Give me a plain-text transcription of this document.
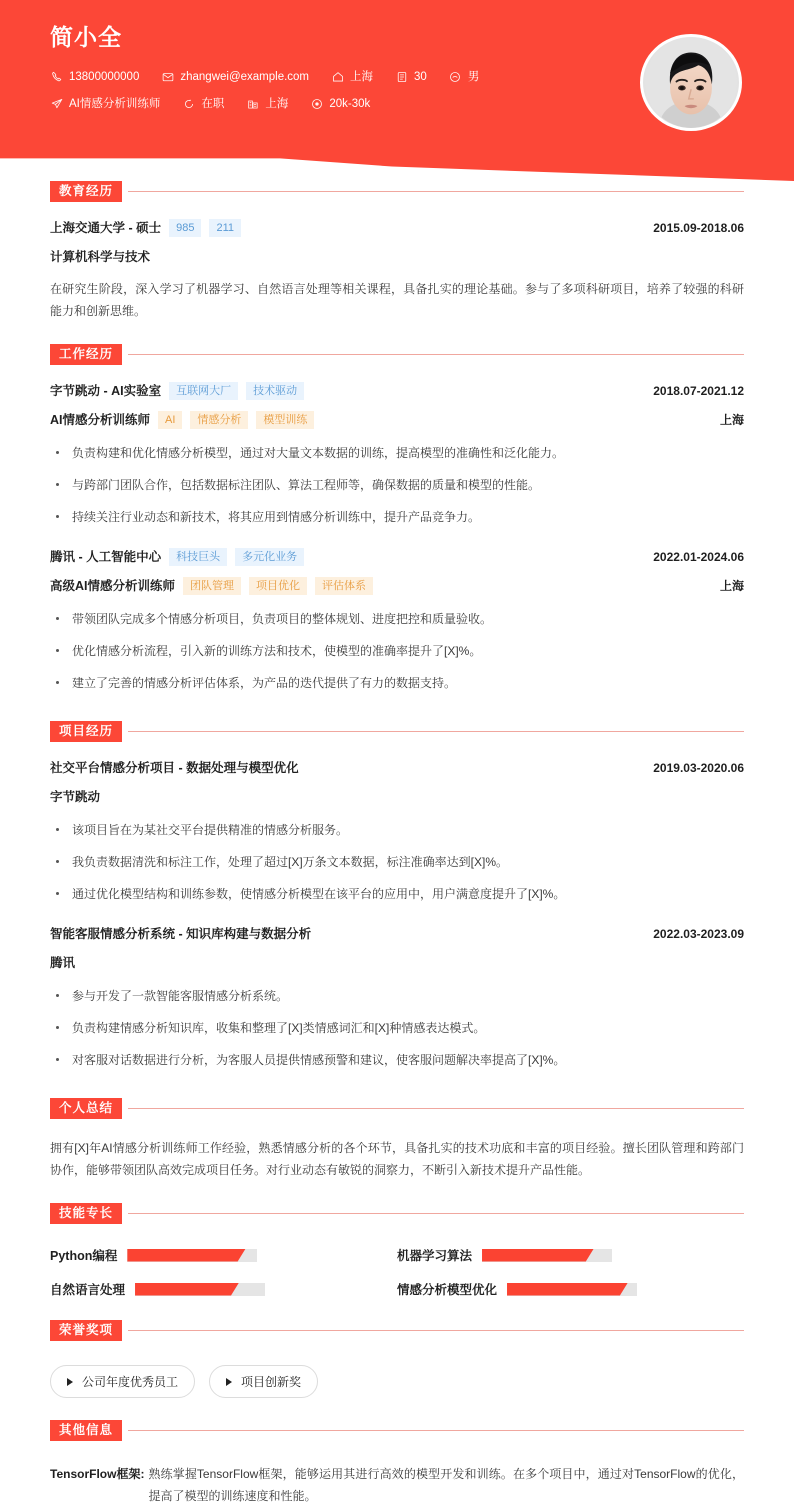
简小全
13800000000	zhangwei@example.com	上海	30	男
AI情感分析训练师	在职	上海	20k-30k
教育经历
上海交通大学 - 硕士	985	211	2015.09-2018.06
计算机科学与技术
在研究生阶段，深入学习了机器学习、自然语言处理等相关课程，具备扎实的理论基础。参与了多项科研项目，培养了较强的科研能力和创新思维。
工作经历
字节跳动 - AI实验室	互联网大厂	技术驱动	2018.07-2021.12
AI情感分析训练师	AI	情感分析	模型训练	上海
负责构建和优化情感分析模型，通过对大量文本数据的训练，提高模型的准确性和泛化能力。
与跨部门团队合作，包括数据标注团队、算法工程师等，确保数据的质量和模型的性能。
持续关注行业动态和新技术，将其应用到情感分析训练中，提升产品竞争力。
腾讯 - 人工智能中心	科技巨头	多元化业务	2022.01-2024.06
高级AI情感分析训练师	团队管理	项目优化	评估体系	上海
带领团队完成多个情感分析项目，负责项目的整体规划、进度把控和质量验收。
优化情感分析流程，引入新的训练方法和技术，使模型的准确率提升了[X]%。
建立了完善的情感分析评估体系，为产品的迭代提供了有力的数据支持。
项目经历
社交平台情感分析项目 - 数据处理与模型优化	2019.03-2020.06
字节跳动
该项目旨在为某社交平台提供精准的情感分析服务。
我负责数据清洗和标注工作，处理了超过[X]万条文本数据，标注准确率达到[X]%。
通过优化模型结构和训练参数，使情感分析模型在该平台的应用中，用户满意度提升了[X]%。
智能客服情感分析系统 - 知识库构建与数据分析	2022.03-2023.09
腾讯
参与开发了一款智能客服情感分析系统。
负责构建情感分析知识库，收集和整理了[X]类情感词汇和[X]种情感表达模式。
对客服对话数据进行分析，为客服人员提供情感预警和建议，使客服问题解决率提高了[X]%。
个人总结
拥有[X]年AI情感分析训练师工作经验，熟悉情感分析的各个环节，具备扎实的技术功底和丰富的项目经验。擅长团队管理和跨部门协作，能够带领团队高效完成项目任务。对行业动态有敏锐的洞察力，不断引入新技术提升产品性能。
技能专长
Python编程	机器学习算法
自然语言处理	情感分析模型优化
荣誉奖项
公司年度优秀员工	项目创新奖
其他信息
TensorFlow框架: 熟练掌握TensorFlow框架，能够运用其进行高效的模型开发和训练。在多个项目中，通过对TensorFlow的优化，提高了模型的训练速度和性能。
